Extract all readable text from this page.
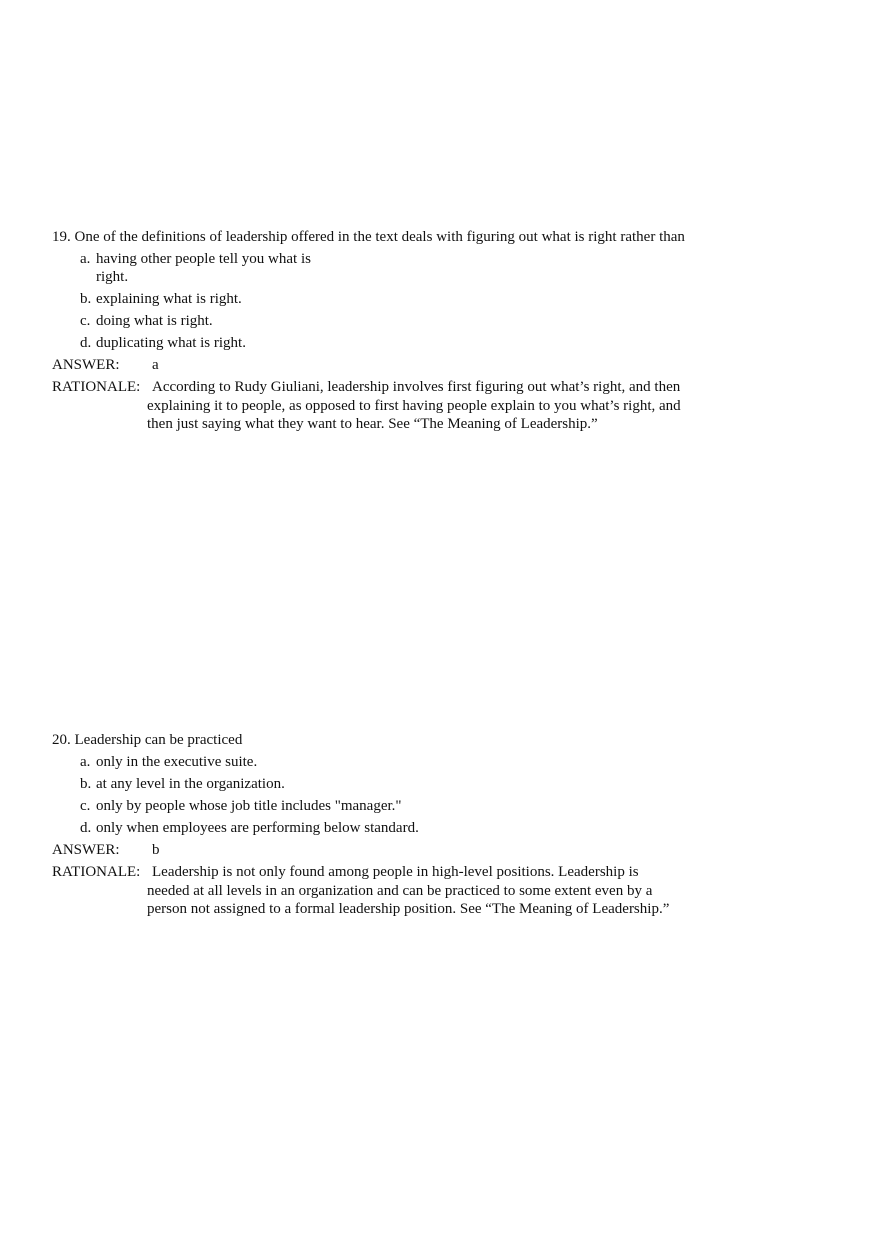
19. One of the definitions of leadership offered in the text deals with figuring out what is right rather than
a. having other people tell you what is right.
b. explaining what is right.
c. doing what is right.
d. duplicating what is right.
ANSWER:	a
RATIONALE: According to Rudy Giuliani, leadership involves first figuring out what’s right, and then explaining it to people, as opposed to first having people explain to you what’s right, and then just saying what they want to hear. See “The Meaning of Leadership.”
20. Leadership can be practiced
a. only in the executive suite.
b. at any level in the organization.
c. only by people whose job title includes "manager."
d. only when employees are performing below standard.
ANSWER:	b
RATIONALE: Leadership is not only found among people in high-level positions. Leadership is needed at all levels in an organization and can be practiced to some extent even by a person not assigned to a formal leadership position. See “The Meaning of Leadership.”
